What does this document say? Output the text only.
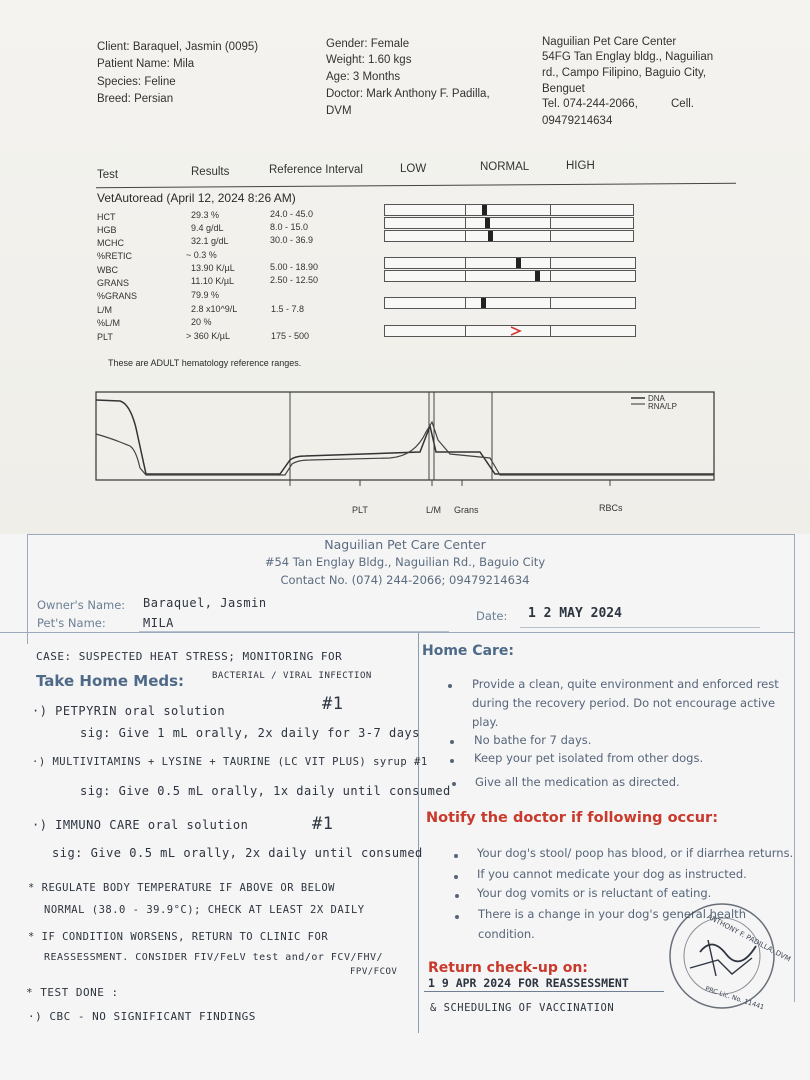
Client: Baraquel, Jasmin (0095)
Patient Name: Mila
Species: Feline
Breed: Persian
Gender: Female
Weight: 1.60 kgs
Age: 3 Months
Doctor: Mark Anthony F. Padilla,
DVM
Naguilian Pet Care Center
54FG Tan Englay bldg., Naguilian
rd., Campo Filipino, Baguio City,
Benguet
Tel. 074-244-2066,	Cell.
09479214634
Test	Results	Reference Interval	LOW	NORMAL	HIGH
VetAutoread (April 12, 2024 8:26 AM)
HCT	29.3 %	24.0 - 45.0
HGB	9.4 g/dL	8.0 - 15.0
MCHC	32.1 g/dL	30.0 - 36.9
%RETIC	~ 0.3 %
WBC	13.90 K/µL	5.00 - 18.90
GRANS	11.10 K/µL	2.50 - 12.50
%GRANS	79.9 %
L/M	2.8 x10^9/L	1.5 - 7.8
%L/M	20 %
PLT	> 360 K/µL	175 - 500
These are ADULT hematology reference ranges.
DNA
RNA/LP
PLT	L/M Grans	RBCs
Naguilian Pet Care Center
#54 Tan Englay Bldg., Naguilian Rd., Baguio City
Contact No. (074) 244-2066; 09479214634
Owner's Name: Baraquel, Jasmin
Pet's Name:	MILA	Date: 1 2 MAY 2024
CASE: SUSPECTED HEAT STRESS; MONITORING FOR
Take Home Meds:	BACTERIAL / VIRAL INFECTION
·) PETPYRIN oral solution	#1
sig: Give 1 mL orally, 2x daily for 3-7 days
·) MULTIVITAMINS + LYSINE + TAURINE (LC VIT PLUS) syrup #1
sig: Give 0.5 mL orally, 1x daily until consumed
·) IMMUNO CARE oral solution	#1
sig: Give 0.5 mL orally, 2x daily until consumed
* REGULATE BODY TEMPERATURE IF ABOVE OR BELOW
NORMAL (38.0 - 39.9°C); CHECK AT LEAST 2X DAILY
* IF CONDITION WORSENS, RETURN TO CLINIC FOR
REASSESSMENT. CONSIDER FIV/FeLV test and/or FCV/FHV/
FPV/FCOV
* TEST DONE :
·) CBC - NO SIGNIFICANT FINDINGS
Home Care:
Provide a clean, quite environment and enforced rest
during the recovery period. Do not encourage active
play.
No bathe for 7 days.
Keep your pet isolated from other dogs.
Give all the medication as directed.
Notify the doctor if following occur:
Your dog's stool/ poop has blood, or if diarrhea returns.
If you cannot medicate your dog as instructed.
Your dog vomits or is reluctant of eating.
There is a change in your dog's general health
condition.
Return check-up on:
1 9 APR 2024 FOR REASSESSMENT
& SCHEDULING OF VACCINATION
ANTHONY F. PADILLA, DVM
PRC Lic. No. 11441
